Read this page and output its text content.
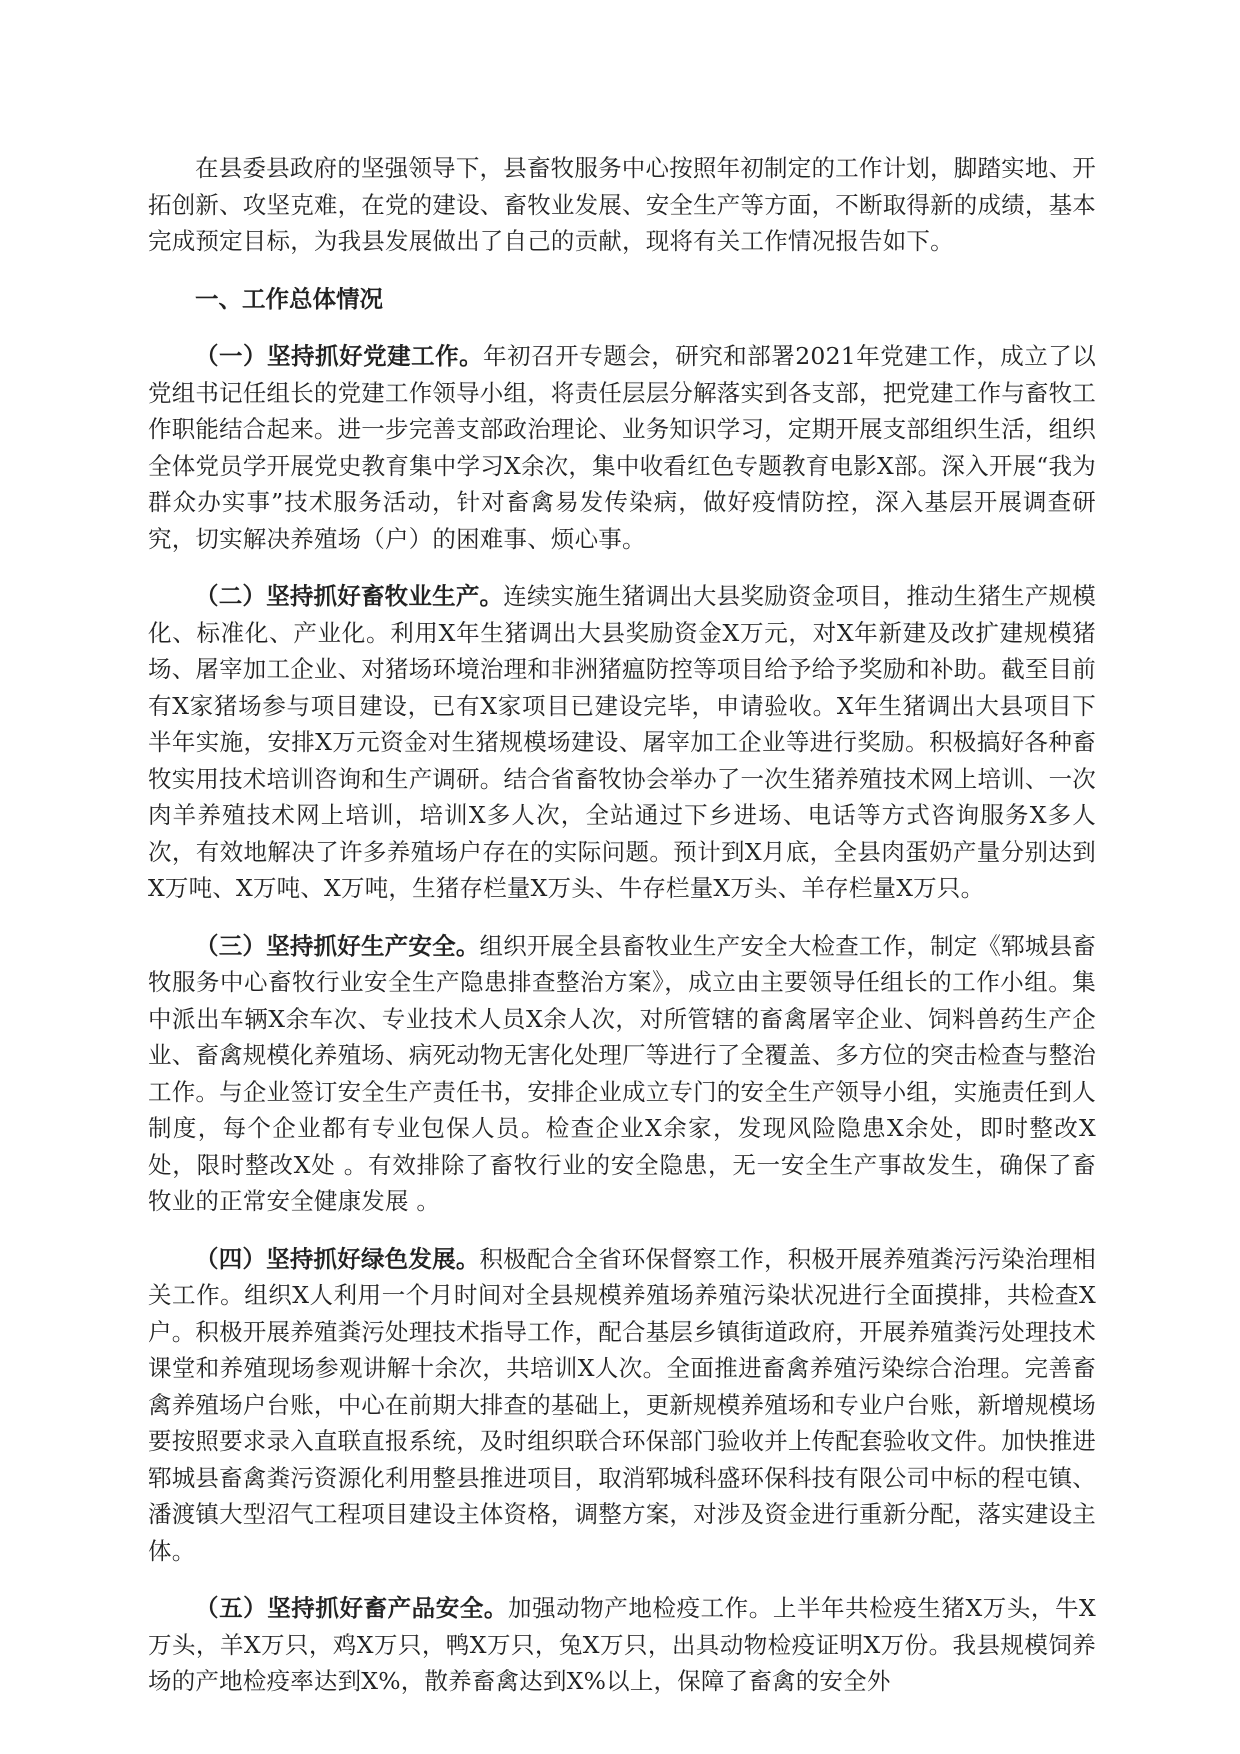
在县委县政府的坚强领导下，县畜牧服务中心按照年初制定的工作计划，脚踏实地、开拓创新、攻坚克难，在党的建设、畜牧业发展、安全生产等方面，不断取得新的成绩，基本完成预定目标，为我县发展做出了自己的贡献，现将有关工作情况报告如下。

一、工作总体情况

（一）坚持抓好党建工作。年初召开专题会，研究和部署2021年党建工作，成立了以党组书记任组长的党建工作领导小组，将责任层层分解落实到各支部，把党建工作与畜牧工作职能结合起来。进一步完善支部政治理论、业务知识学习，定期开展支部组织生活，组织全体党员学开展党史教育集中学习X余次，集中收看红色专题教育电影X部。深入开展“我为群众办实事”技术服务活动，针对畜禽易发传染病，做好疫情防控，深入基层开展调查研究，切实解决养殖场（户）的困难事、烦心事。

（二）坚持抓好畜牧业生产。连续实施生猪调出大县奖励资金项目，推动生猪生产规模化、标准化、产业化。利用X年生猪调出大县奖励资金X万元，对X年新建及改扩建规模猪场、屠宰加工企业、对猪场环境治理和非洲猪瘟防控等项目给予给予奖励和补助。截至目前有X家猪场参与项目建设，已有X家项目已建设完毕，申请验收。X年生猪调出大县项目下半年实施，安排X万元资金对生猪规模场建设、屠宰加工企业等进行奖励。积极搞好各种畜牧实用技术培训咨询和生产调研。结合省畜牧协会举办了一次生猪养殖技术网上培训、一次肉羊养殖技术网上培训，培训X多人次，全站通过下乡进场、电话等方式咨询服务X多人次，有效地解决了许多养殖场户存在的实际问题。预计到X月底，全县肉蛋奶产量分别达到X万吨、X万吨、X万吨，生猪存栏量X万头、牛存栏量X万头、羊存栏量X万只。

（三）坚持抓好生产安全。组织开展全县畜牧业生产安全大检查工作，制定《郓城县畜牧服务中心畜牧行业安全生产隐患排查整治方案》，成立由主要领导任组长的工作小组。集中派出车辆X余车次、专业技术人员X余人次，对所管辖的畜禽屠宰企业、饲料兽药生产企业、畜禽规模化养殖场、病死动物无害化处理厂等进行了全覆盖、多方位的突击检查与整治工作。与企业签订安全生产责任书，安排企业成立专门的安全生产领导小组，实施责任到人制度，每个企业都有专业包保人员。检查企业X余家，发现风险隐患X余处，即时整改X处，限时整改X处 。有效排除了畜牧行业的安全隐患，无一安全生产事故发生，确保了畜牧业的正常安全健康发展 。

（四）坚持抓好绿色发展。积极配合全省环保督察工作，积极开展养殖粪污污染治理相关工作。组织X人利用一个月时间对全县规模养殖场养殖污染状况进行全面摸排，共检查X户。积极开展养殖粪污处理技术指导工作，配合基层乡镇街道政府，开展养殖粪污处理技术课堂和养殖现场参观讲解十余次，共培训X人次。全面推进畜禽养殖污染综合治理。完善畜禽养殖场户台账，中心在前期大排查的基础上，更新规模养殖场和专业户台账，新增规模场要按照要求录入直联直报系统，及时组织联合环保部门验收并上传配套验收文件。加快推进郓城县畜禽粪污资源化利用整县推进项目，取消郓城科盛环保科技有限公司中标的程屯镇、潘渡镇大型沼气工程项目建设主体资格，调整方案，对涉及资金进行重新分配，落实建设主体。

（五）坚持抓好畜产品安全。加强动物产地检疫工作。上半年共检疫生猪X万头，牛X万头，羊X万只，鸡X万只，鸭X万只，兔X万只，出具动物检疫证明X万份。我县规模饲养场的产地检疫率达到X%，散养畜禽达到X%以上，保障了畜禽的安全外
